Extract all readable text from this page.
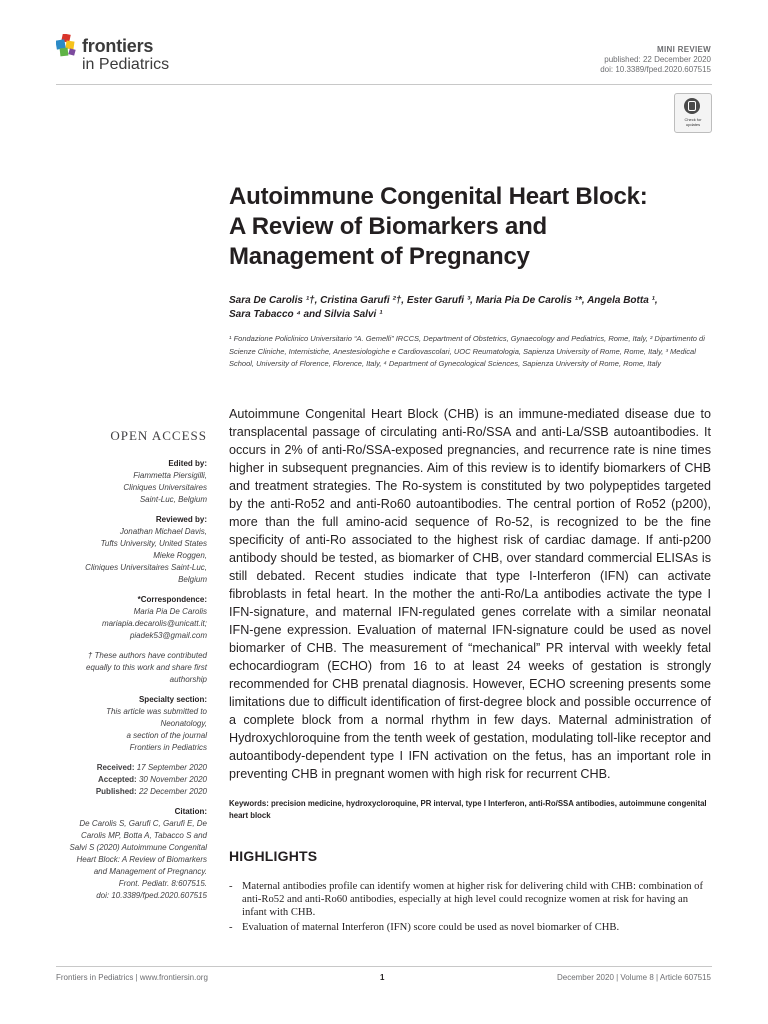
frontiers
in Pediatrics
MINI REVIEW
published: 22 December 2020
doi: 10.3389/fped.2020.607515
Check for
updates
Autoimmune Congenital Heart Block:
A Review of Biomarkers and
Management of Pregnancy
Sara De Carolis ¹†, Cristina Garufi ²†, Ester Garufi ³, Maria Pia De Carolis ¹*, Angela Botta ¹,
Sara Tabacco ⁴ and Silvia Salvi ¹
¹ Fondazione Policlinico Universitario “A. Gemelli” IRCCS, Department of Obstetrics, Gynaecology and Pediatrics, Rome, Italy, ² Dipartimento di Scienze Cliniche, Internistiche, Anestesiologiche e Cardiovascolari, UOC Reumatologia, Sapienza University of Rome, Rome, Italy, ³ Medical School, University of Florence, Florence, Italy, ⁴ Department of Gynecological Sciences, Sapienza University of Rome, Rome, Italy
OPEN ACCESS
Edited by:
Fiammetta Piersigilli,
Cliniques Universitaires
Saint-Luc, Belgium
Reviewed by:
Jonathan Michael Davis,
Tufts University, United States
Mieke Roggen,
Cliniques Universitaires Saint-Luc,
Belgium
*Correspondence:
Maria Pia De Carolis
mariapia.decarolis@unicatt.it;
piadek53@gmail.com
† These authors have contributed
equally to this work and share first
authorship
Specialty section:
This article was submitted to
Neonatology,
a section of the journal
Frontiers in Pediatrics
Received: 17 September 2020
Accepted: 30 November 2020
Published: 22 December 2020
Citation:
De Carolis S, Garufi C, Garufi E, De
Carolis MP, Botta A, Tabacco S and
Salvi S (2020) Autoimmune Congenital
Heart Block: A Review of Biomarkers
and Management of Pregnancy.
Front. Pediatr. 8:607515.
doi: 10.3389/fped.2020.607515
Autoimmune Congenital Heart Block (CHB) is an immune-mediated disease due to transplacental passage of circulating anti-Ro/SSA and anti-La/SSB autoantibodies. It occurs in 2% of anti-Ro/SSA-exposed pregnancies, and recurrence rate is nine times higher in subsequent pregnancies. Aim of this review is to identify biomarkers of CHB and treatment strategies. The Ro-system is constituted by two polypeptides targeted by the anti-Ro52 and anti-Ro60 autoantibodies. The central portion of Ro52 (p200), more than the full amino-acid sequence of Ro-52, is recognized to be the fine specificity of anti-Ro associated to the highest risk of cardiac damage. If anti-p200 antibody should be tested, as biomarker of CHB, over standard commercial ELISAs is still debated. Recent studies indicate that type I-Interferon (IFN) can activate fibroblasts in fetal heart. In the mother the anti-Ro/La antibodies activate the type I IFN-signature, and maternal IFN-regulated genes correlate with a similar neonatal IFN-gene expression. Evaluation of maternal IFN-signature could be used as novel biomarker of CHB. The measurement of “mechanical” PR interval with weekly fetal echocardiogram (ECHO) from 16 to at least 24 weeks of gestation is strongly recommended for CHB prenatal diagnosis. However, ECHO screening presents some limitations due to difficult identification of first-degree block and possible occurrence of a complete block from a normal rhythm in few days. Maternal administration of Hydroxychloroquine from the tenth week of gestation, modulating toll-like receptor and autoantibody-dependent type I IFN activation on the fetus, has an important role in preventing CHB in pregnant women with high risk for recurrent CHB.
Keywords: precision medicine, hydroxycloroquine, PR interval, type I Interferon, anti-Ro/SSA antibodies, autoimmune congenital heart block
HIGHLIGHTS
- Maternal antibodies profile can identify women at higher risk for delivering child with CHB: combination of anti-Ro52 and anti-Ro60 antibodies, especially at high level could recognize women at risk for having an infant with CHB.
- Evaluation of maternal Interferon (IFN) score could be used as novel biomarker of CHB.
Frontiers in Pediatrics | www.frontiersin.org	1	December 2020 | Volume 8 | Article 607515
